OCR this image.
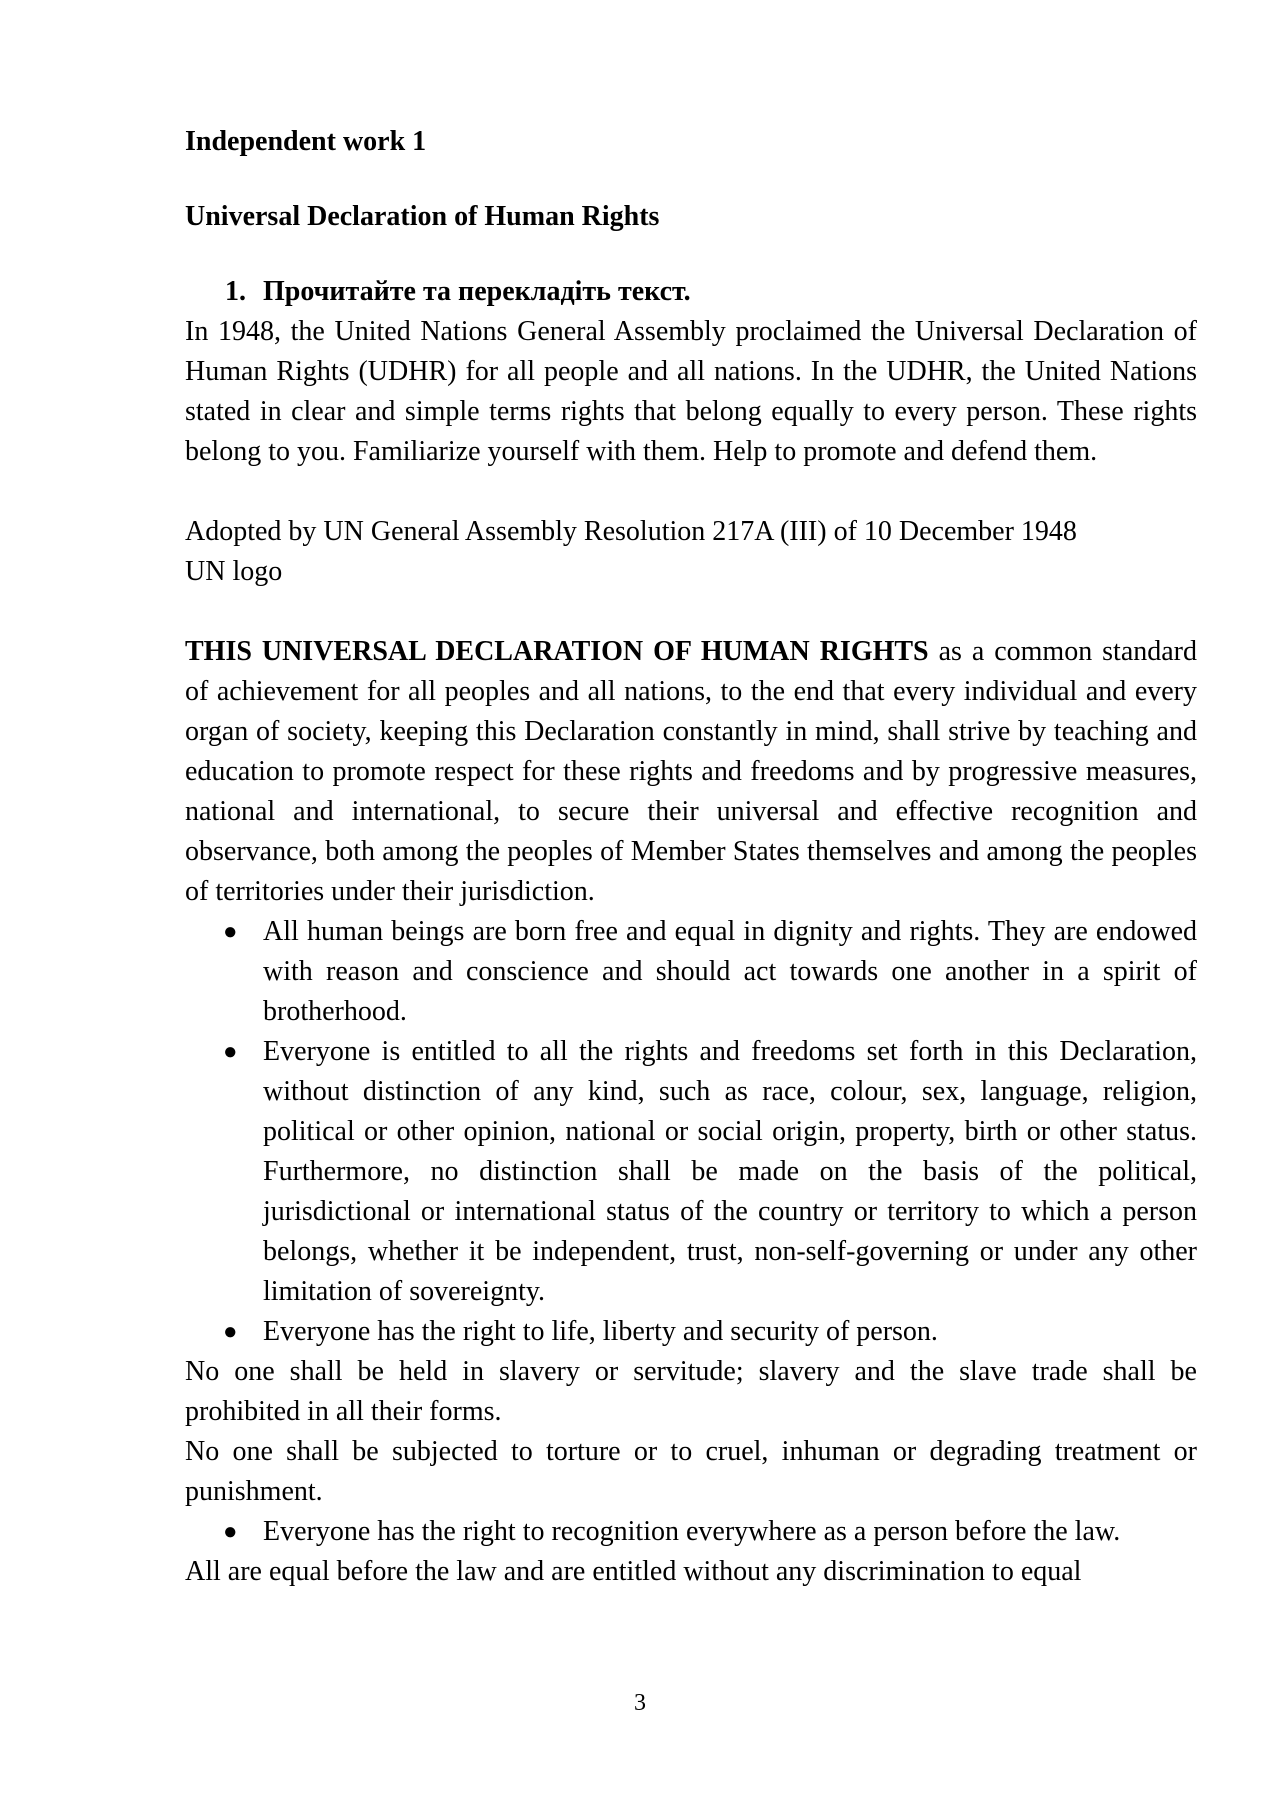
Independent work 1

Universal Declaration of Human Rights

1. Прочитайте та перекладіть текст.

In 1948, the United Nations General Assembly proclaimed the Universal Declaration of Human Rights (UDHR) for all people and all nations. In the UDHR, the United Nations stated in clear and simple terms rights that belong equally to every person. These rights belong to you. Familiarize yourself with them. Help to promote and defend them.

Adopted by UN General Assembly Resolution 217A (III) of 10 December 1948

UN logo

THIS UNIVERSAL DECLARATION OF HUMAN RIGHTS as a common standard of achievement for all peoples and all nations, to the end that every individual and every organ of society, keeping this Declaration constantly in mind, shall strive by teaching and education to promote respect for these rights and freedoms and by progressive measures, national and international, to secure their universal and effective recognition and observance, both among the peoples of Member States themselves and among the peoples of territories under their jurisdiction.

● All human beings are born free and equal in dignity and rights. They are endowed with reason and conscience and should act towards one another in a spirit of brotherhood.
● Everyone is entitled to all the rights and freedoms set forth in this Declaration, without distinction of any kind, such as race, colour, sex, language, religion, political or other opinion, national or social origin, property, birth or other status. Furthermore, no distinction shall be made on the basis of the political, jurisdictional or international status of the country or territory to which a person belongs, whether it be independent, trust, non-self-governing or under any other limitation of sovereignty.
● Everyone has the right to life, liberty and security of person.

No one shall be held in slavery or servitude; slavery and the slave trade shall be prohibited in all their forms.

No one shall be subjected to torture or to cruel, inhuman or degrading treatment or punishment.

● Everyone has the right to recognition everywhere as a person before the law.

All are equal before the law and are entitled without any discrimination to equal

3
